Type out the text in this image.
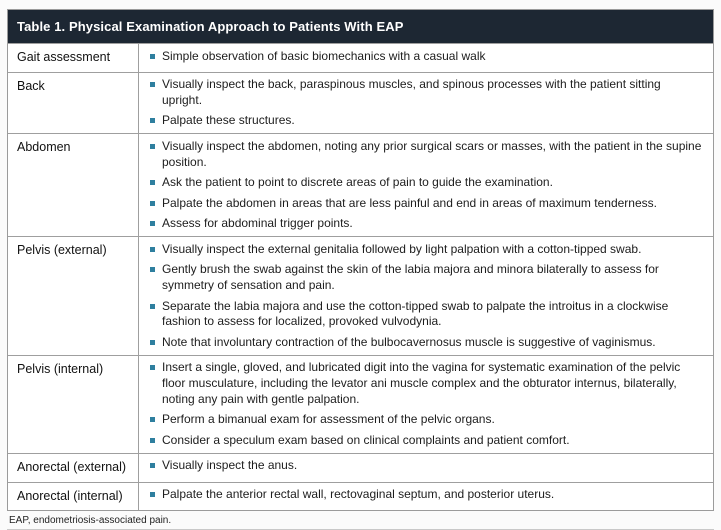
Table 1. Physical Examination Approach to Patients With EAP
Gait assessment	Simple observation of basic biomechanics with a casual walk
Back	Visually inspect the back, paraspinous muscles, and spinous processes with the patient sitting upright.
Palpate these structures.
Abdomen	Visually inspect the abdomen, noting any prior surgical scars or masses, with the patient in the supine position.
Ask the patient to point to discrete areas of pain to guide the examination.
Palpate the abdomen in areas that are less painful and end in areas of maximum tenderness.
Assess for abdominal trigger points.
Pelvis (external)	Visually inspect the external genitalia followed by light palpation with a cotton-tipped swab.
Gently brush the swab against the skin of the labia majora and minora bilaterally to assess for symmetry of sensation and pain.
Separate the labia majora and use the cotton-tipped swab to palpate the introitus in a clockwise fashion to assess for localized, provoked vulvodynia.
Note that involuntary contraction of the bulbocavernosus muscle is suggestive of vaginismus.
Pelvis (internal)	Insert a single, gloved, and lubricated digit into the vagina for systematic examination of the pelvic floor musculature, including the levator ani muscle complex and the obturator internus, bilaterally, noting any pain with gentle palpation.
Perform a bimanual exam for assessment of the pelvic organs.
Consider a speculum exam based on clinical complaints and patient comfort.
Anorectal (external)	Visually inspect the anus.
Anorectal (internal)	Palpate the anterior rectal wall, rectovaginal septum, and posterior uterus.
EAP, endometriosis-associated pain.
